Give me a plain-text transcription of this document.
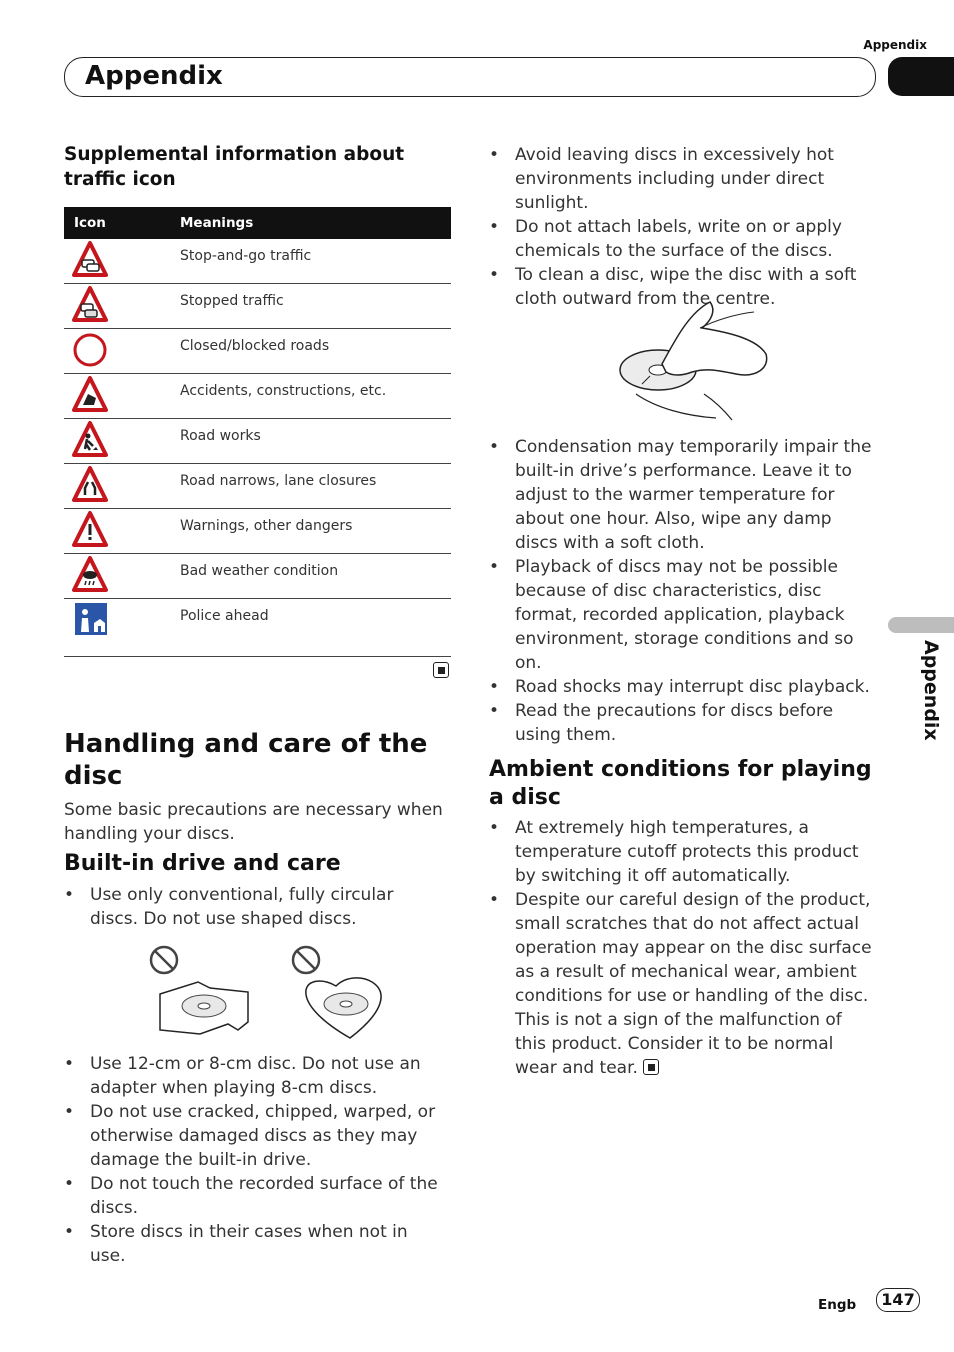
Appendix
Appendix
Appendix
Supplemental information about traffic icon
Icon	Meanings
	Stop-and-go traffic
	Stopped traffic
	Closed/blocked roads
	Accidents, constructions, etc.
	Road works
	Road narrows, lane closures
	Warnings, other dangers
	Bad weather condition
	Police ahead
Handling and care of the disc

Some basic precautions are necessary when handling your discs.

Built-in drive and care
• Use only conventional, fully circular discs. Do not use shaped discs.
• Use 12-cm or 8-cm disc. Do not use an adapter when playing 8-cm discs.
• Do not use cracked, chipped, warped, or otherwise damaged discs as they may damage the built-in drive.
• Do not touch the recorded surface of the discs.
• Store discs in their cases when not in use.
• Avoid leaving discs in excessively hot environments including under direct sunlight.
• Do not attach labels, write on or apply chemicals to the surface of the discs.
• To clean a disc, wipe the disc with a soft cloth outward from the centre.
• Condensation may temporarily impair the built-in drive’s performance. Leave it to adjust to the warmer temperature for about one hour. Also, wipe any damp discs with a soft cloth.
• Playback of discs may not be possible because of disc characteristics, disc format, recorded application, playback environment, storage conditions and so on.
• Road shocks may interrupt disc playback.
• Read the precautions for discs before using them.
Ambient conditions for playing a disc
• At extremely high temperatures, a temperature cutoff protects this product by switching it off automatically.
• Despite our careful design of the product, small scratches that do not affect actual operation may appear on the disc surface as a result of mechanical wear, ambient conditions for use or handling of the disc. This is not a sign of the malfunction of this product. Consider it to be normal wear and tear.
Engb	147
